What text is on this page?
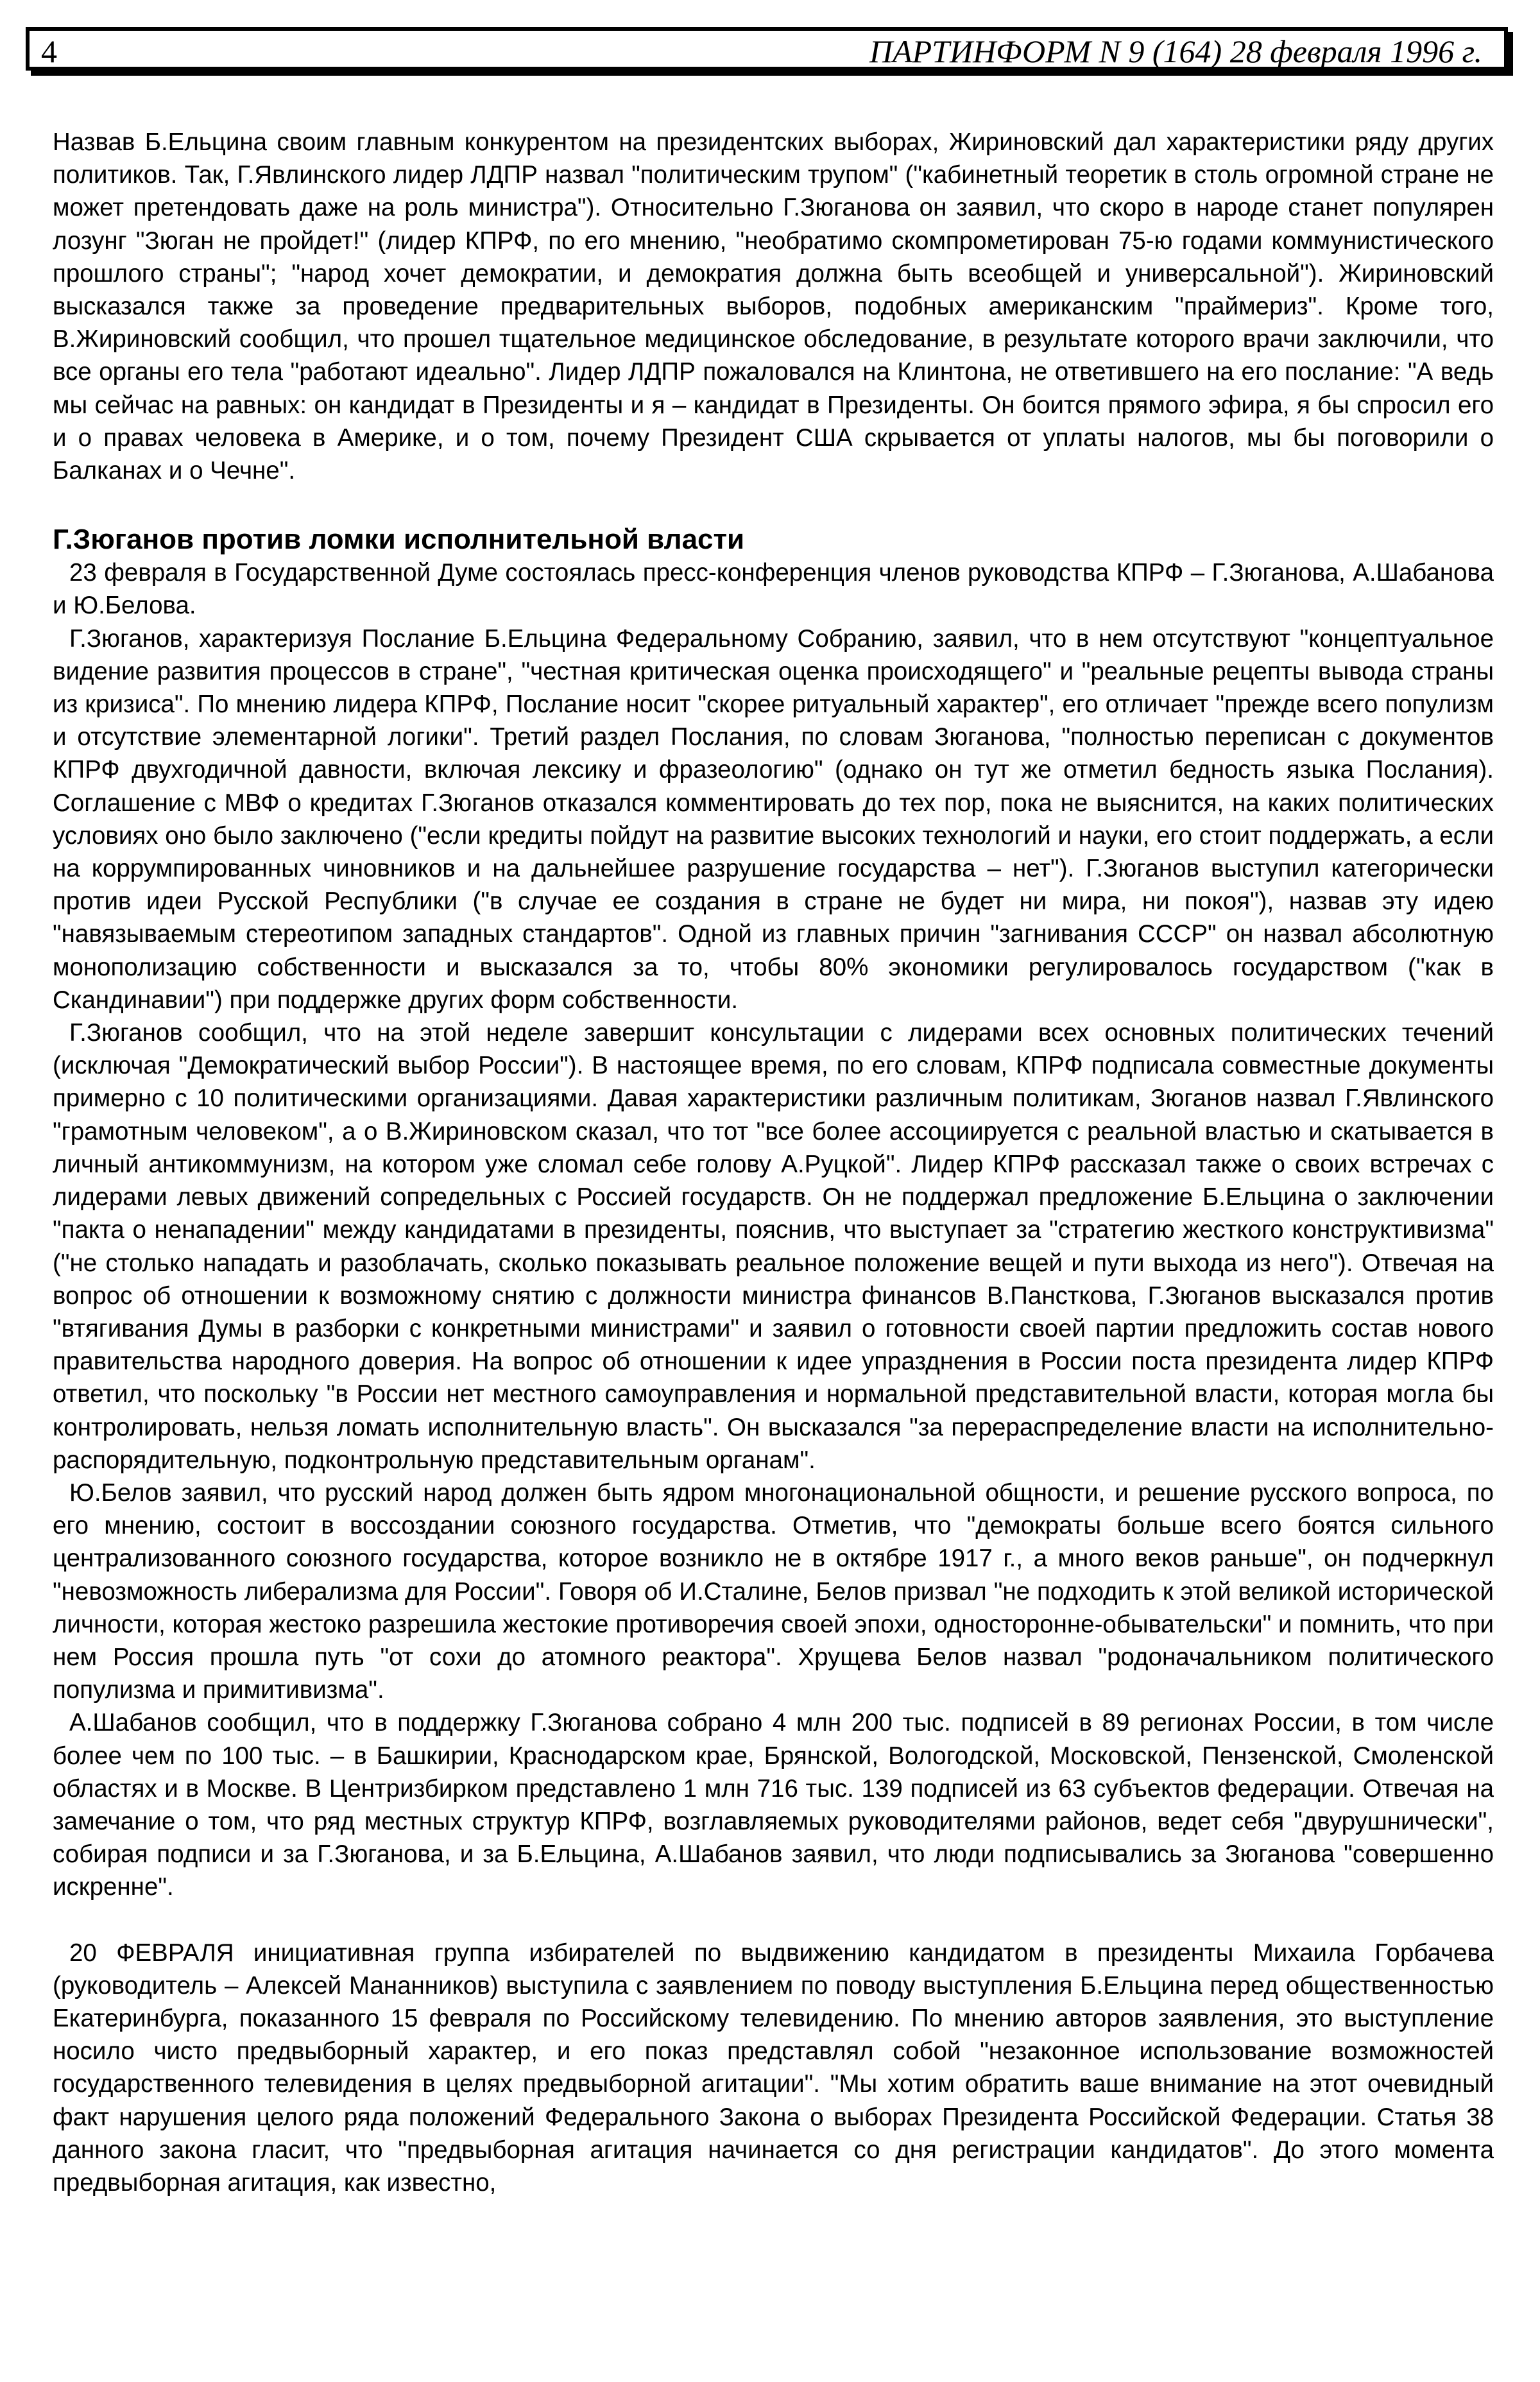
4	ПАРТИНФОРМ N 9 (164) 28 февраля 1996 г.

Назвав Б.Ельцина своим главным конкурентом на президентских выборах, Жириновский дал характеристики ряду других политиков. Так, Г.Явлинского лидер ЛДПР назвал "политическим трупом" ("кабинетный теоретик в столь огромной стране не может претендовать даже на роль министра"). Относительно Г.Зюганова он заявил, что скоро в народе станет популярен лозунг "Зюган не пройдет!" (лидер КПРФ, по его мнению, "необратимо скомпрометирован 75-ю годами коммунистического прошлого страны"; "народ хочет демократии, и демократия должна быть всеобщей и универсальной"). Жириновский высказался также за проведение предварительных выборов, подобных американским "праймериз". Кроме того, В.Жириновский сообщил, что прошел тщательное медицинское обследование, в результате которого врачи заключили, что все органы его тела "работают идеально". Лидер ЛДПР пожаловался на Клинтона, не ответившего на его послание: "А ведь мы сейчас на равных: он кандидат в Президенты и я – кандидат в Президенты. Он боится прямого эфира, я бы спросил его и о правах человека в Америке, и о том, почему Президент США скрывается от уплаты налогов, мы бы поговорили о Балканах и о Чечне".

Г.Зюганов против ломки исполнительной власти

23 февраля в Государственной Думе состоялась пресс-конференция членов руководства КПРФ – Г.Зюганова, А.Шабанова и Ю.Белова.

Г.Зюганов, характеризуя Послание Б.Ельцина Федеральному Собранию, заявил, что в нем отсутствуют "концептуальное видение развития процессов в стране", "честная критическая оценка происходящего" и "реальные рецепты вывода страны из кризиса". По мнению лидера КПРФ, Послание носит "скорее ритуальный характер", его отличает "прежде всего популизм и отсутствие элементарной логики". Третий раздел Послания, по словам Зюганова, "полностью переписан с документов КПРФ двухгодичной давности, включая лексику и фразеологию" (однако он тут же отметил бедность языка Послания). Соглашение с МВФ о кредитах Г.Зюганов отказался комментировать до тех пор, пока не выяснится, на каких политических условиях оно было заключено ("если кредиты пойдут на развитие высоких технологий и науки, его стоит поддержать, а если на коррумпированных чиновников и на дальнейшее разрушение государства – нет"). Г.Зюганов выступил категорически против идеи Русской Республики ("в случае ее создания в стране не будет ни мира, ни покоя"), назвав эту идею "навязываемым стереотипом западных стандартов". Одной из главных причин "загнивания СССР" он назвал абсолютную монополизацию собственности и высказался за то, чтобы 80% экономики регулировалось государством ("как в Скандинавии") при поддержке других форм собственности.

Г.Зюганов сообщил, что на этой неделе завершит консультации с лидерами всех основных политических течений (исключая "Демократический выбор России"). В настоящее время, по его словам, КПРФ подписала совместные документы примерно с 10 политическими организациями. Давая характеристики различным политикам, Зюганов назвал Г.Явлинского "грамотным человеком", а о В.Жириновском сказал, что тот "все более ассоциируется с реальной властью и скатывается в личный антикоммунизм, на котором уже сломал себе голову А.Руцкой". Лидер КПРФ рассказал также о своих встречах с лидерами левых движений сопредельных с Россией государств. Он не поддержал предложение Б.Ельцина о заключении "пакта о ненападении" между кандидатами в президенты, пояснив, что выступает за "стратегию жесткого конструктивизма" ("не столько нападать и разоблачать, сколько показывать реальное положение вещей и пути выхода из него"). Отвечая на вопрос об отношении к возможному снятию с должности министра финансов В.Пансткова, Г.Зюганов высказался против "втягивания Думы в разборки с конкретными министрами" и заявил о готовности своей партии предложить состав нового правительства народного доверия. На вопрос об отношении к идее упразднения в России поста президента лидер КПРФ ответил, что поскольку "в России нет местного самоуправления и нормальной представительной власти, которая могла бы контролировать, нельзя ломать исполнительную власть". Он высказался "за перераспределение власти на исполнительно-распорядительную, подконтрольную представительным органам".

Ю.Белов заявил, что русский народ должен быть ядром многонациональной общности, и решение русского вопроса, по его мнению, состоит в воссоздании союзного государства. Отметив, что "демократы больше всего боятся сильного централизованного союзного государства, которое возникло не в октябре 1917 г., а много веков раньше", он подчеркнул "невозможность либерализма для России". Говоря об И.Сталине, Белов призвал "не подходить к этой великой исторической личности, которая жестоко разрешила жестокие противоречия своей эпохи, односторонне-обывательски" и помнить, что при нем Россия прошла путь "от сохи до атомного реактора". Хрущева Белов назвал "родоначальником политического популизма и примитивизма".

А.Шабанов сообщил, что в поддержку Г.Зюганова собрано 4 млн 200 тыс. подписей в 89 регионах России, в том числе более чем по 100 тыс. – в Башкирии, Краснодарском крае, Брянской, Вологодской, Московской, Пензенской, Смоленской областях и в Москве. В Центризбирком представлено 1 млн 716 тыс. 139 подписей из 63 субъектов федерации. Отвечая на замечание о том, что ряд местных структур КПРФ, возглавляемых руководителями районов, ведет себя "двурушнически", собирая подписи и за Г.Зюганова, и за Б.Ельцина, А.Шабанов заявил, что люди подписывались за Зюганова "совершенно искренне".

20 ФЕВРАЛЯ инициативная группа избирателей по выдвижению кандидатом в президенты Михаила Горбачева (руководитель – Алексей Мананников) выступила с заявлением по поводу выступления Б.Ельцина перед общественностью Екатеринбурга, показанного 15 февраля по Российскому телевидению. По мнению авторов заявления, это выступление носило чисто предвыборный характер, и его показ представлял собой "незаконное использование возможностей государственного телевидения в целях предвыборной агитации". "Мы хотим обратить ваше внимание на этот очевидный факт нарушения целого ряда положений Федерального Закона о выборах Президента Российской Федерации. Статья 38 данного закона гласит, что "предвыборная агитация начинается со дня регистрации кандидатов". До этого момента предвыборная агитация, как известно,
